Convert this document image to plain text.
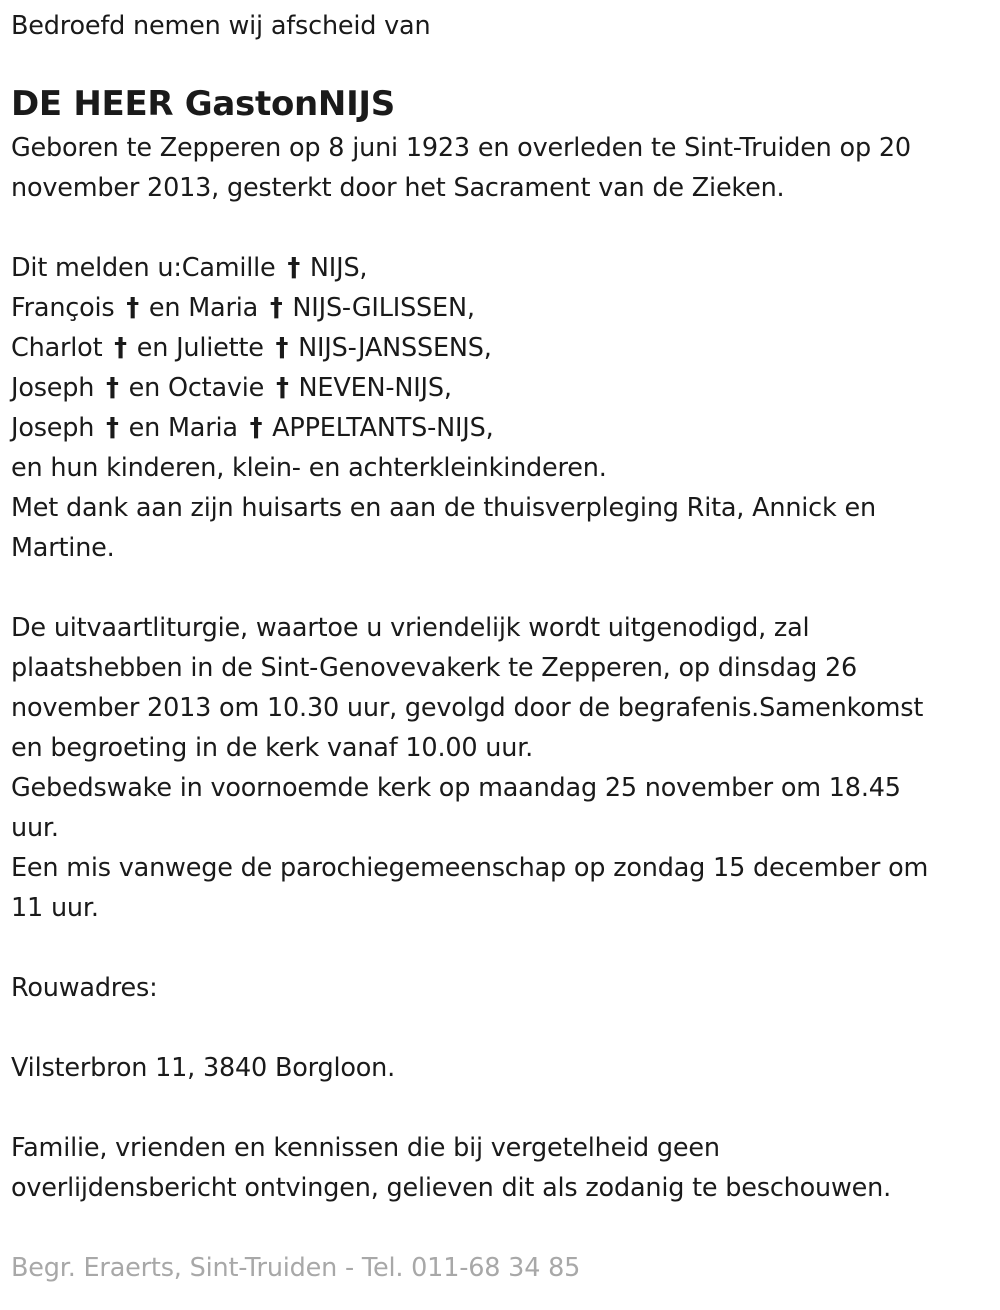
Bedroefd nemen wij afscheid van
DE HEER GastonNIJS
Geboren te Zepperen op 8 juni 1923 en overleden te Sint-Truiden op 20
november 2013, gesterkt door het Sacrament van de Zieken.
Dit melden u:Camille † NIJS,
François † en Maria † NIJS-GILISSEN,
Charlot † en Juliette † NIJS-JANSSENS,
Joseph † en Octavie † NEVEN-NIJS,
Joseph † en Maria † APPELTANTS-NIJS,
en hun kinderen, klein- en achterkleinkinderen.
Met dank aan zijn huisarts en aan de thuisverpleging Rita, Annick en
Martine.
De uitvaartliturgie, waartoe u vriendelijk wordt uitgenodigd, zal
plaatshebben in de Sint-Genovevakerk te Zepperen, op dinsdag 26
november 2013 om 10.30 uur, gevolgd door de begrafenis.Samenkomst
en begroeting in de kerk vanaf 10.00 uur.
Gebedswake in voornoemde kerk op maandag 25 november om 18.45
uur.
Een mis vanwege de parochiegemeenschap op zondag 15 december om
11 uur.
Rouwadres:
Vilsterbron 11, 3840 Borgloon.
Familie, vrienden en kennissen die bij vergetelheid geen
overlijdensbericht ontvingen, gelieven dit als zodanig te beschouwen.
Begr. Eraerts, Sint-Truiden - Tel. 011-68 34 85
